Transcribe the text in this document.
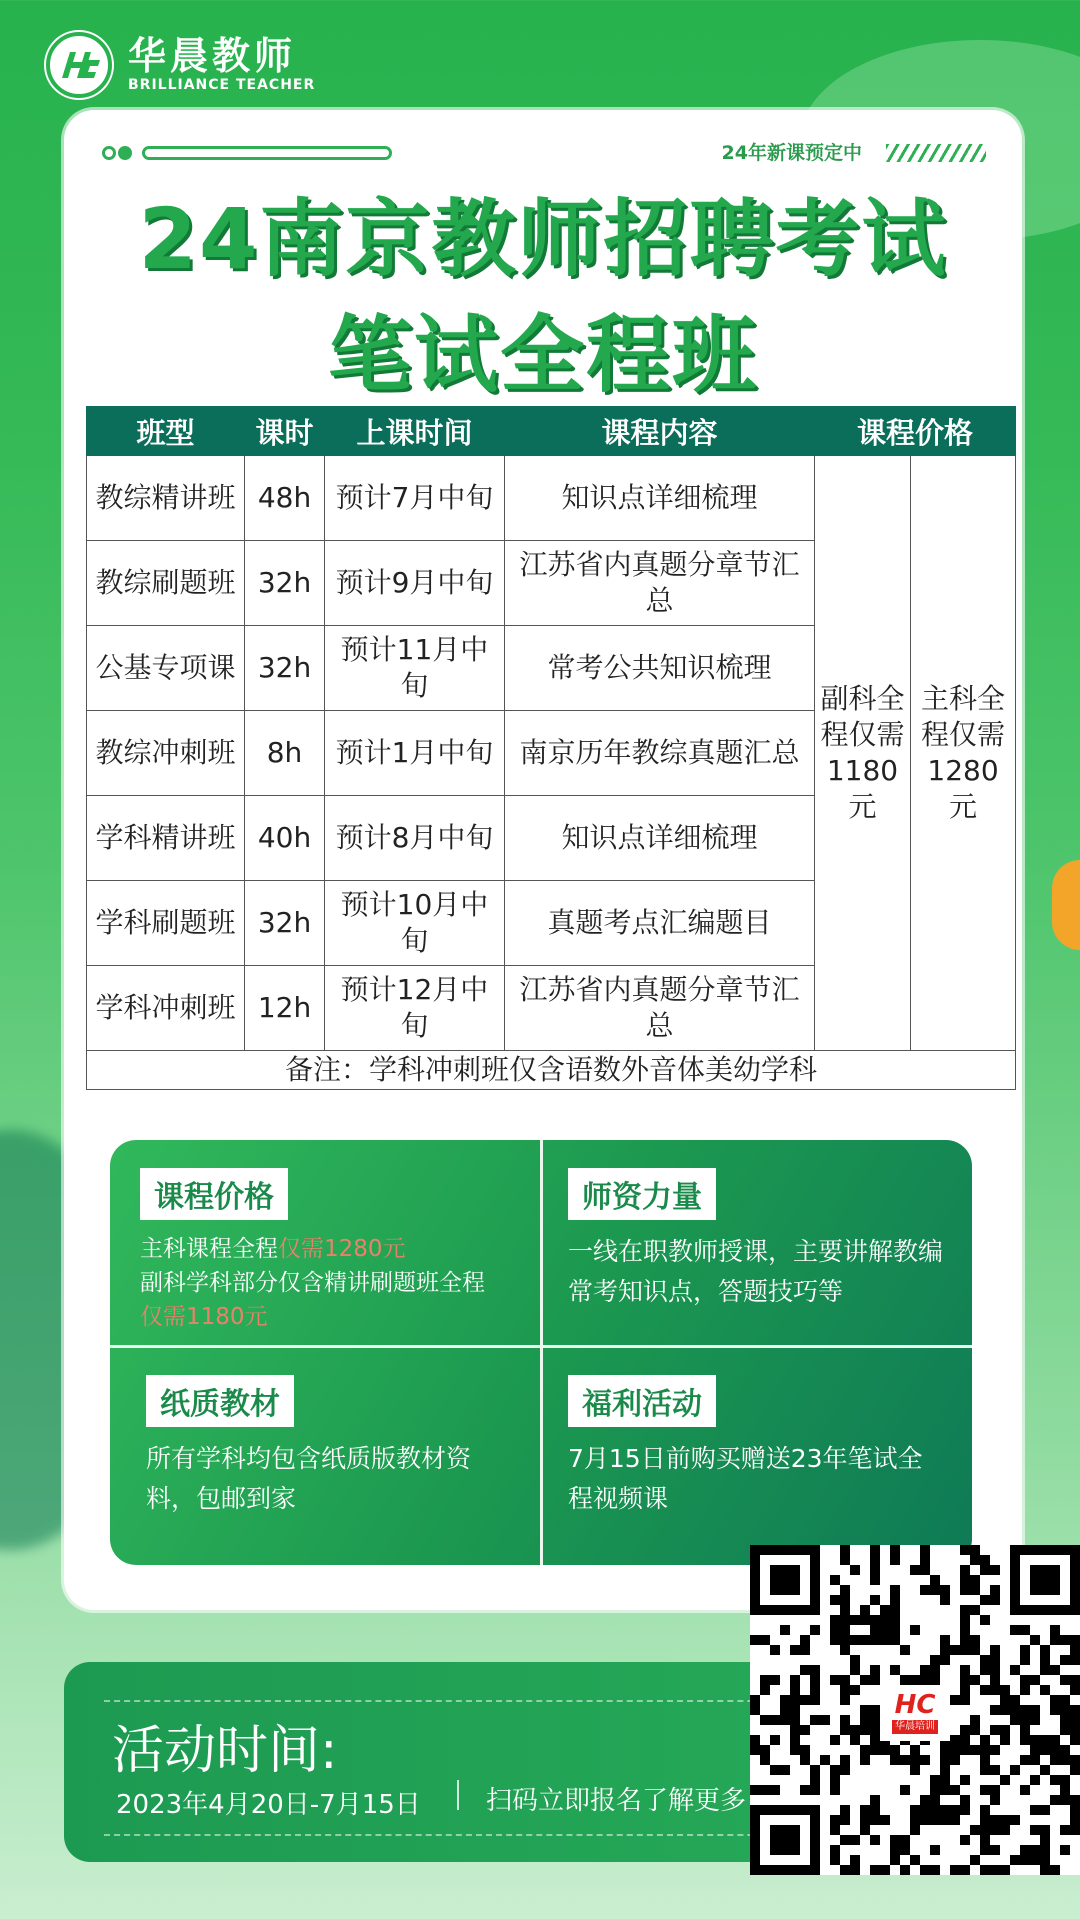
华晨教师
BRILLIANCE TEACHER
24年新课预定中
24南京教师招聘考试
笔试全程班
班型	课时	上课时间	课程内容	课程价格	
教综精讲班	48h	预计7月中旬	知识点详细梳理	副科全程仅需1180元	主科全程仅需1280元
教综刷题班	32h	预计9月中旬	江苏省内真题分章节汇总		
公基专项课	32h	预计11月中旬	常考公共知识梳理		
教综冲刺班	8h	预计1月中旬	南京历年教综真题汇总		
学科精讲班	40h	预计8月中旬	知识点详细梳理		
学科刷题班	32h	预计10月中旬	真题考点汇编题目		
学科冲刺班	12h	预计12月中旬	江苏省内真题分章节汇总		
备注：学科冲刺班仅含语数外音体美幼学科					
课程价格
主科课程全程仅需1280元
副科学科部分仅含精讲刷题班全程
仅需1180元
师资力量
一线在职教师授课，主要讲解教编常考知识点，答题技巧等
纸质教材
所有学科均包含纸质版教材资料，包邮到家
福利活动
7月15日前购买赠送23年笔试全程视频课
活动时间:
2023年4月20日-7月15日	扫码立即报名了解更多
HC
华晨培训
